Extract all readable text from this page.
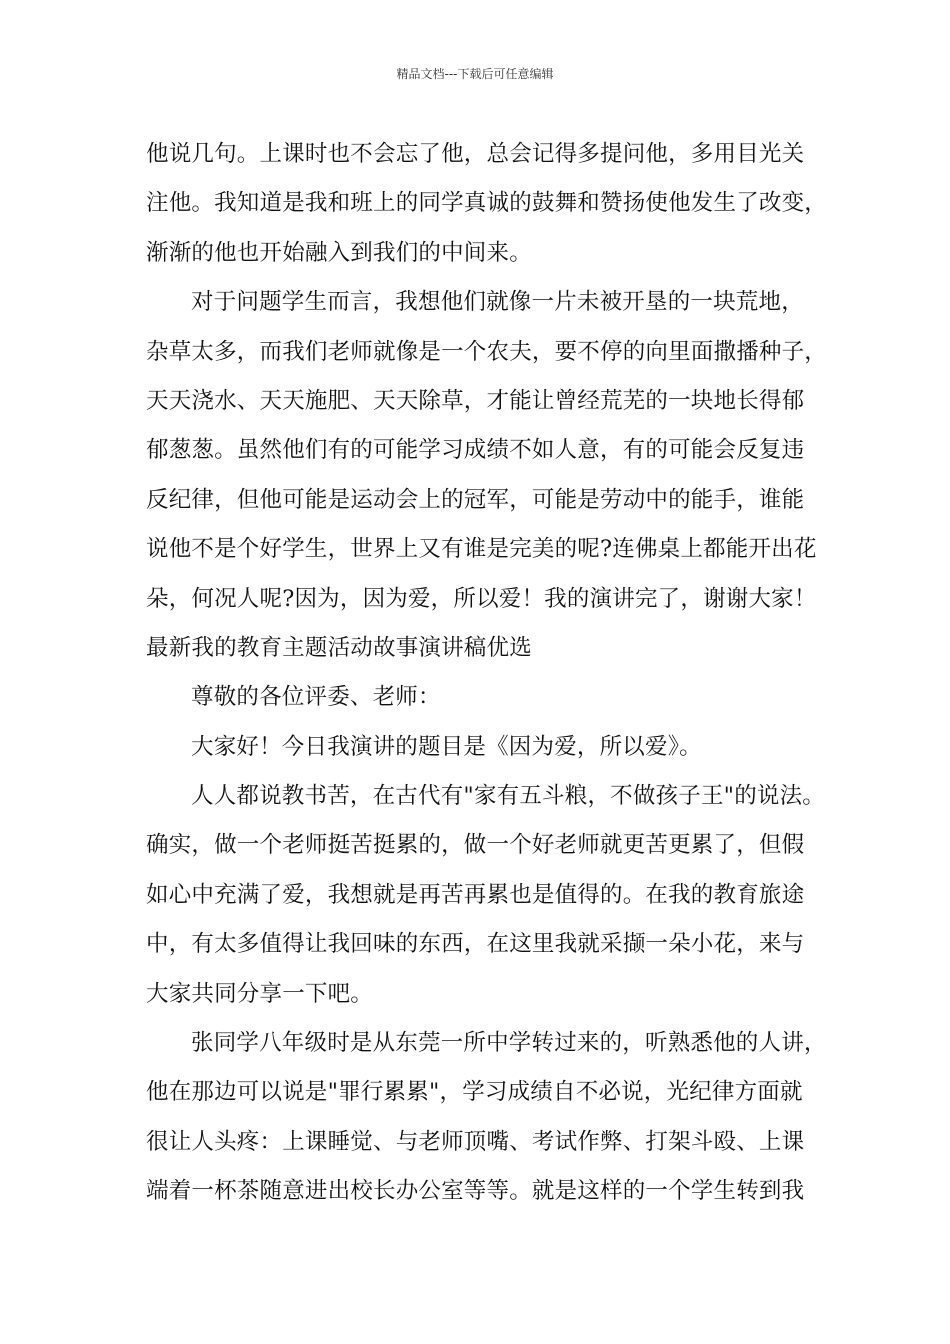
精品文档---下载后可任意编辑
他说几句。上课时也不会忘了他，总会记得多提问他，多用目光关
注他。我知道是我和班上的同学真诚的鼓舞和赞扬使他发生了改变，
渐渐的他也开始融入到我们的中间来。
对于问题学生而言，我想他们就像一片未被开垦的一块荒地，
杂草太多，而我们老师就像是一个农夫，要不停的向里面撒播种子，
天天浇水、天天施肥、天天除草，才能让曾经荒芜的一块地长得郁
郁葱葱。虽然他们有的可能学习成绩不如人意，有的可能会反复违
反纪律，但他可能是运动会上的冠军，可能是劳动中的能手，谁能
说他不是个好学生，世界上又有谁是完美的呢?连佛桌上都能开出花
朵，何况人呢?因为，因为爱，所以爱！我的演讲完了，谢谢大家！
最新我的教育主题活动故事演讲稿优选
尊敬的各位评委、老师：
大家好！今日我演讲的题目是《因为爱，所以爱》。
人人都说教书苦，在古代有"家有五斗粮，不做孩子王"的说法。
确实，做一个老师挺苦挺累的，做一个好老师就更苦更累了，但假
如心中充满了爱，我想就是再苦再累也是值得的。在我的教育旅途
中，有太多值得让我回味的东西，在这里我就采撷一朵小花，来与
大家共同分享一下吧。
张同学八年级时是从东莞一所中学转过来的，听熟悉他的人讲，
他在那边可以说是"罪行累累"，学习成绩自不必说，光纪律方面就
很让人头疼：上课睡觉、与老师顶嘴、考试作弊、打架斗殴、上课
端着一杯茶随意进出校长办公室等等。就是这样的一个学生转到我
